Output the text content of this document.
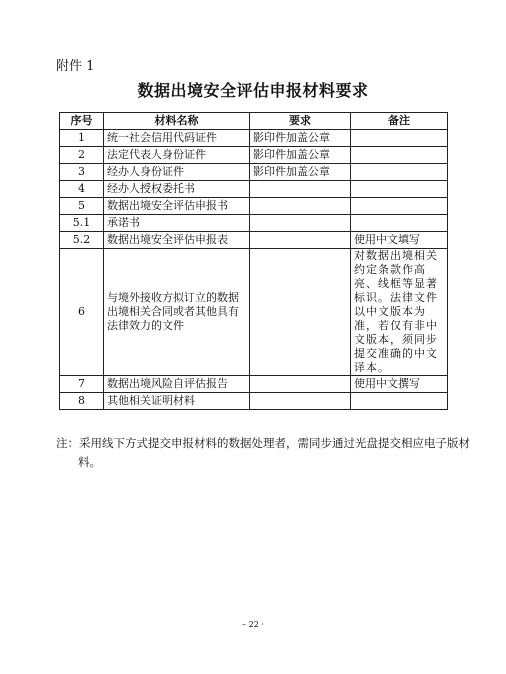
附件 1
数据出境安全评估申报材料要求
序号	材料名称	要求	备注
1	统一社会信用代码证件	影印件加盖公章	
2	法定代表人身份证件	影印件加盖公章	
3	经办人身份证件	影印件加盖公章	
4	经办人授权委托书		
5	数据出境安全评估申报书		
5.1	承诺书		
5.2	数据出境安全评估申报表		使用中文填写
6	与境外接收方拟订立的数据出境相关合同或者其他具有法律效力的文件		对数据出境相关约定条款作高亮、线框等显著标识。法律文件以中文版本为准，若仅有非中文版本，须同步提交准确的中文译本。
7	数据出境风险自评估报告		使用中文撰写
8	其他相关证明材料		
注：采用线下方式提交申报材料的数据处理者，需同步通过光盘提交相应电子版材料。
– 22 ·
